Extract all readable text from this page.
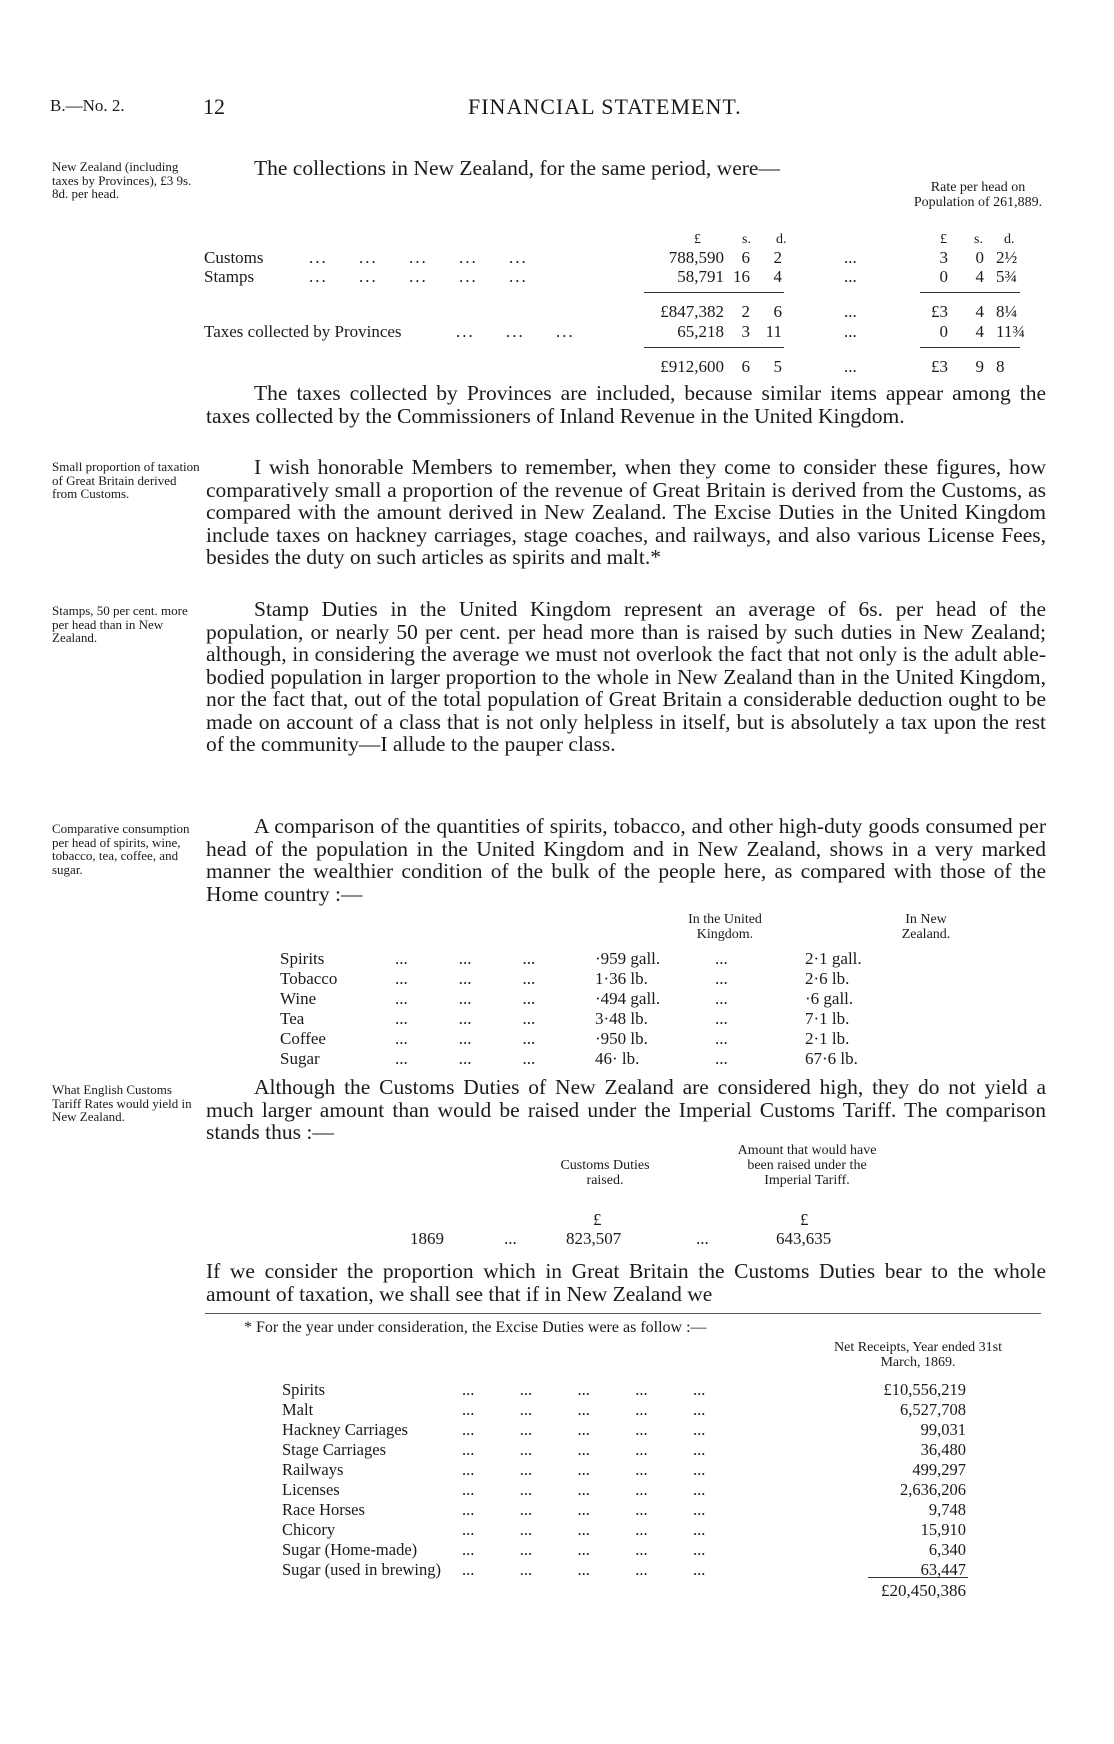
B.—No. 2.	12	FINANCIAL STATEMENT.
New Zealand (including taxes by Provinces), £3 9s. 8d. per head.
Small proportion of taxation of Great Britain derived from Customs.
Stamps, 50 per cent. more per head than in New Zealand.
Comparative consumption per head of spirits, wine, tobacco, tea, coffee, and sugar.
What English Customs Tariff Rates would yield in New Zealand.
The collections in New Zealand, for the same period, were—
Rate per head on Population of 261,889.
£	s. d.	£ s. d.
Customs	...     ...     ...     ...     ...	788,590	6	2	...	3	0 2½
Stamps	...     ...     ...     ...     ...	58,791 16	4	...	0	4 5¾
£847,382	2	6	...	£3	4 8¼
Taxes collected by Provinces	...     ...     ...	65,218	3 11	...	0	4 11¾
£912,600	6	5	...	£3	9 8
The taxes collected by Provinces are included, because similar items appear among the taxes collected by the Commissioners of Inland Revenue in the United Kingdom.
I wish honorable Members to remember, when they come to consider these figures, how comparatively small a proportion of the revenue of Great Britain is derived from the Customs, as compared with the amount derived in New Zealand. The Excise Duties in the United Kingdom include taxes on hackney carriages, stage coaches, and railways, and also various License Fees, besides the duty on such articles as spirits and malt.*
Stamp Duties in the United Kingdom represent an average of 6s. per head of the population, or nearly 50 per cent. per head more than is raised by such duties in New Zealand; although, in considering the average we must not overlook the fact that not only is the adult able-bodied population in larger proportion to the whole in New Zealand than in the United Kingdom, nor the fact that, out of the total population of Great Britain a considerable deduction ought to be made on account of a class that is not only helpless in itself, but is absolutely a tax upon the rest of the community—I allude to the pauper class.
A comparison of the quantities of spirits, tobacco, and other high-duty goods consumed per head of the population in the United Kingdom and in New Zealand, shows in a very marked manner the wealthier condition of the bulk of the people here, as compared with those of the Home country :—
In the United Kingdom.
In New Zealand.
Spirits	...            ...            ...	·959 gall.	...	2·1 gall.
Tobacco	...            ...            ...	1·36 lb.	...	2·6 lb.
Wine	...            ...            ...	·494 gall.	...	·6 gall.
Tea	...            ...            ...	3·48 lb.	...	7·1 lb.
Coffee	...            ...            ...	·950 lb.	...	2·1 lb.
Sugar	...            ...            ...	46· lb.	...	67·6 lb.
Although the Customs Duties of New Zealand are considered high, they do not yield a much larger amount than would be raised under the Imperial Customs Tariff. The comparison stands thus :—
Customs Duties raised.
Amount that would have been raised under the Imperial Tariff.
£	£
1869	...	823,507	...	643,635
If we consider the proportion which in Great Britain the Customs Duties bear to the whole amount of taxation, we shall see that if in New Zealand we
* For the year under consideration, the Excise Duties were as follow :—
Net Receipts, Year ended 31st March, 1869.
Spirits	...           ...           ...           ...           ...	£10,556,219
Malt	...           ...           ...           ...           ...	6,527,708
Hackney Carriages	...           ...           ...           ...           ...	99,031
Stage Carriages	...           ...           ...           ...           ...	36,480
Railways	...           ...           ...           ...           ...	499,297
Licenses	...           ...           ...           ...           ...	2,636,206
Race Horses	...           ...           ...           ...           ...	9,748
Chicory	...           ...           ...           ...           ...	15,910
Sugar (Home-made)	...           ...           ...           ...           ...	6,340
Sugar (used in brewing)	...           ...           ...           ...           ...	63,447
£20,450,386
